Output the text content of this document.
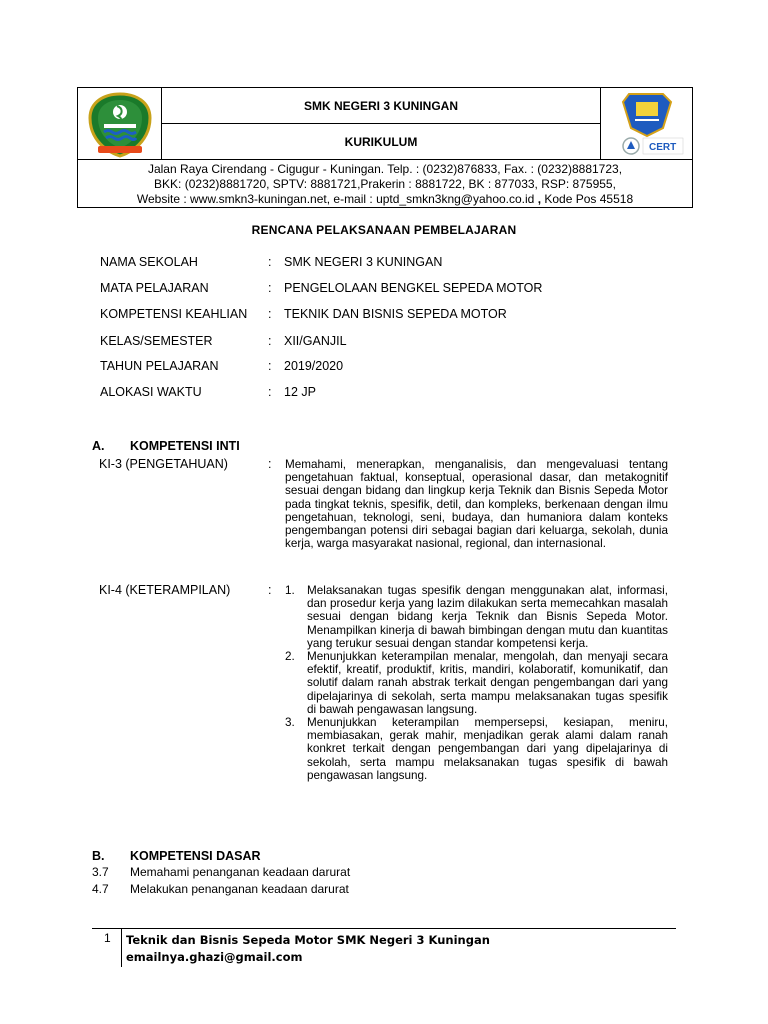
SMK NEGERI 3 KUNINGAN
KURIKULUM	CERT
Jalan Raya Cirendang - Cigugur - Kuningan. Telp. : (0232)876833, Fax. : (0232)8881723,
BKK: (0232)8881720, SPTV: 8881721,Prakerin : 8881722, BK : 877033, RSP: 875955,
Website : www.smkn3-kuningan.net, e-mail : uptd_smkn3kng@yahoo.co.id , Kode Pos 45518
RENCANA PELAKSANAAN PEMBELAJARAN
NAMA SEKOLAH	: SMK NEGERI 3 KUNINGAN
MATA PELAJARAN	: PENGELOLAAN BENGKEL SEPEDA MOTOR
KOMPETENSI KEAHLIAN : TEKNIK DAN BISNIS SEPEDA MOTOR
KELAS/SEMESTER	: XII/GANJIL
TAHUN PELAJARAN	: 2019/2020
ALOKASI WAKTU	: 12 JP
A. KOMPETENSI INTI
KI-3 (PENGETAHUAN)	: Memahami, menerapkan, menganalisis, dan mengevaluasi tentang pengetahuan faktual, konseptual, operasional dasar, dan metakognitif sesuai dengan bidang dan lingkup kerja Teknik dan Bisnis Sepeda Motor pada tingkat teknis, spesifik, detil, dan kompleks, berkenaan dengan ilmu pengetahuan, teknologi, seni, budaya, dan humaniora dalam konteks pengembangan potensi diri sebagai bagian dari keluarga, sekolah, dunia kerja, warga masyarakat nasional, regional, dan internasional.
KI-4 (KETERAMPILAN)	: 1. Melaksanakan tugas spesifik dengan menggunakan alat, informasi, dan prosedur kerja yang lazim dilakukan serta memecahkan masalah sesuai dengan bidang kerja Teknik dan Bisnis Sepeda Motor. Menampilkan kinerja di bawah bimbingan dengan mutu dan kuantitas yang terukur sesuai dengan standar kompetensi kerja.
2. Menunjukkan keterampilan menalar, mengolah, dan menyaji secara efektif, kreatif, produktif, kritis, mandiri, kolaboratif, komunikatif, dan solutif dalam ranah abstrak terkait dengan pengembangan dari yang dipelajarinya di sekolah, serta mampu melaksanakan tugas spesifik di bawah pengawasan langsung.
3. Menunjukkan keterampilan mempersepsi, kesiapan, meniru, membiasakan, gerak mahir, menjadikan gerak alami dalam ranah konkret terkait dengan pengembangan dari yang dipelajarinya di sekolah, serta mampu melaksanakan tugas spesifik di bawah pengawasan langsung.
B. KOMPETENSI DASAR
3.7 Memahami penanganan keadaan darurat
4.7 Melakukan penanganan keadaan darurat
1 Teknik dan Bisnis Sepeda Motor SMK Negeri 3 Kuningan
emailnya.ghazi@gmail.com
